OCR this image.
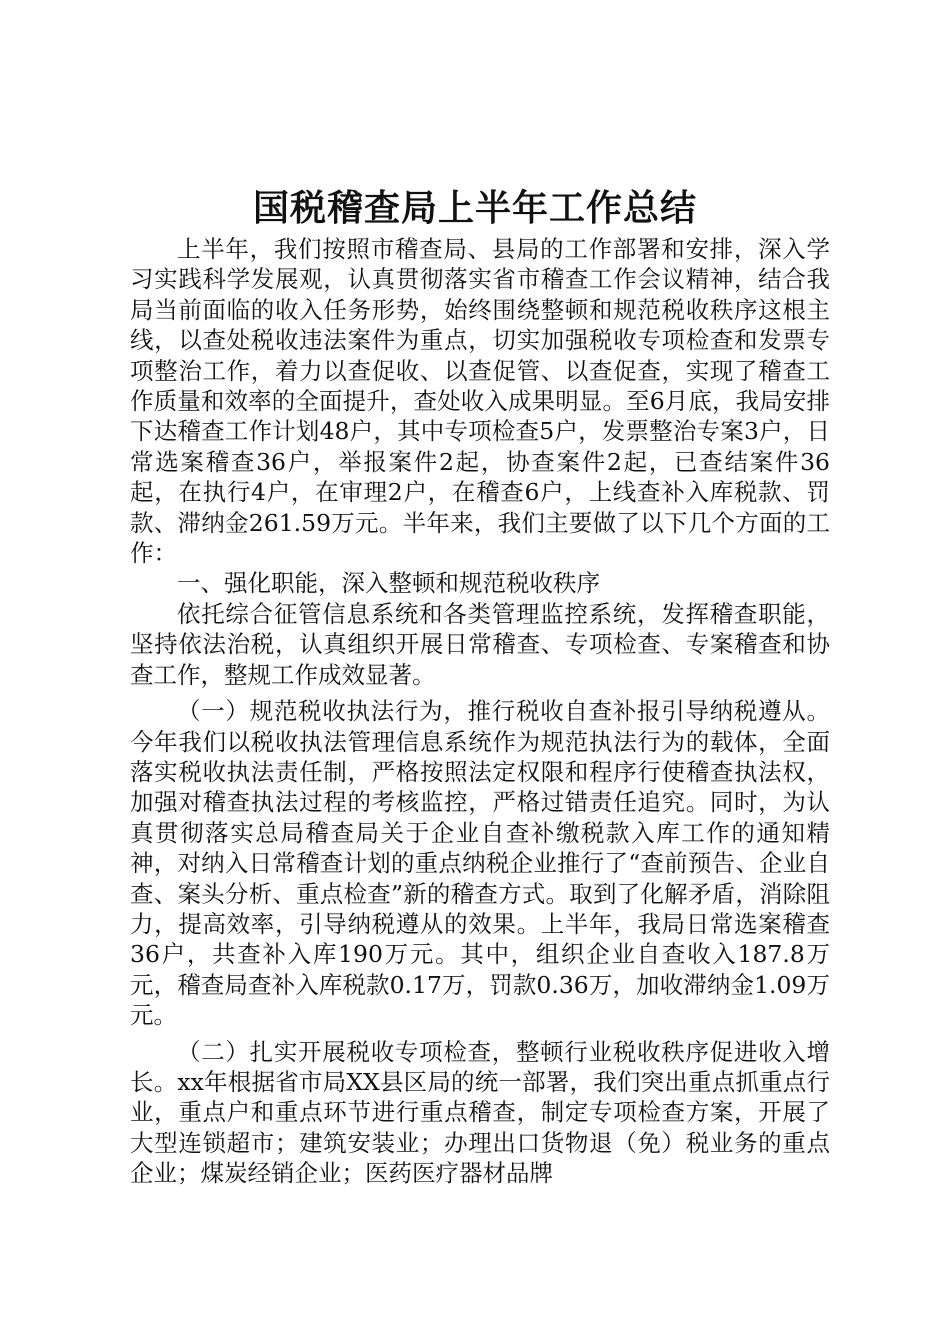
国税稽查局上半年工作总结

上半年，我们按照市稽查局、县局的工作部署和安排，深入学习实践科学发展观，认真贯彻落实省市稽查工作会议精神，结合我局当前面临的收入任务形势，始终围绕整顿和规范税收秩序这根主线，以查处税收违法案件为重点，切实加强税收专项检查和发票专项整治工作，着力以查促收、以查促管、以查促查，实现了稽查工作质量和效率的全面提升，查处收入成果明显。至6月底，我局安排下达稽查工作计划48户，其中专项检查5户，发票整治专案3户，日常选案稽查36户，举报案件2起，协查案件2起，已查结案件36起，在执行4户，在审理2户，在稽查6户，上线查补入库税款、罚款、滞纳金261.59万元。半年来，我们主要做了以下几个方面的工作：

一、强化职能，深入整顿和规范税收秩序

依托综合征管信息系统和各类管理监控系统，发挥稽查职能，坚持依法治税，认真组织开展日常稽查、专项检查、专案稽查和协查工作，整规工作成效显著。

（一）规范税收执法行为，推行税收自查补报引导纳税遵从。今年我们以税收执法管理信息系统作为规范执法行为的载体，全面落实税收执法责任制，严格按照法定权限和程序行使稽查执法权，加强对稽查执法过程的考核监控，严格过错责任追究。同时，为认真贯彻落实总局稽查局关于企业自查补缴税款入库工作的通知精神，对纳入日常稽查计划的重点纳税企业推行了“查前预告、企业自查、案头分析、重点检查”新的稽查方式。取到了化解矛盾，消除阻力，提高效率，引导纳税遵从的效果。上半年，我局日常选案稽查36户，共查补入库190万元。其中，组织企业自查收入187.8万元，稽查局查补入库税款0.17万，罚款0.36万，加收滞纳金1.09万元。

（二）扎实开展税收专项检查，整顿行业税收秩序促进收入增长。xx年根据省市局XX县区局的统一部署，我们突出重点抓重点行业，重点户和重点环节进行重点稽查，制定专项检查方案，开展了大型连锁超市；建筑安装业；办理出口货物退（免）税业务的重点企业；煤炭经销企业；医药医疗器材品牌
